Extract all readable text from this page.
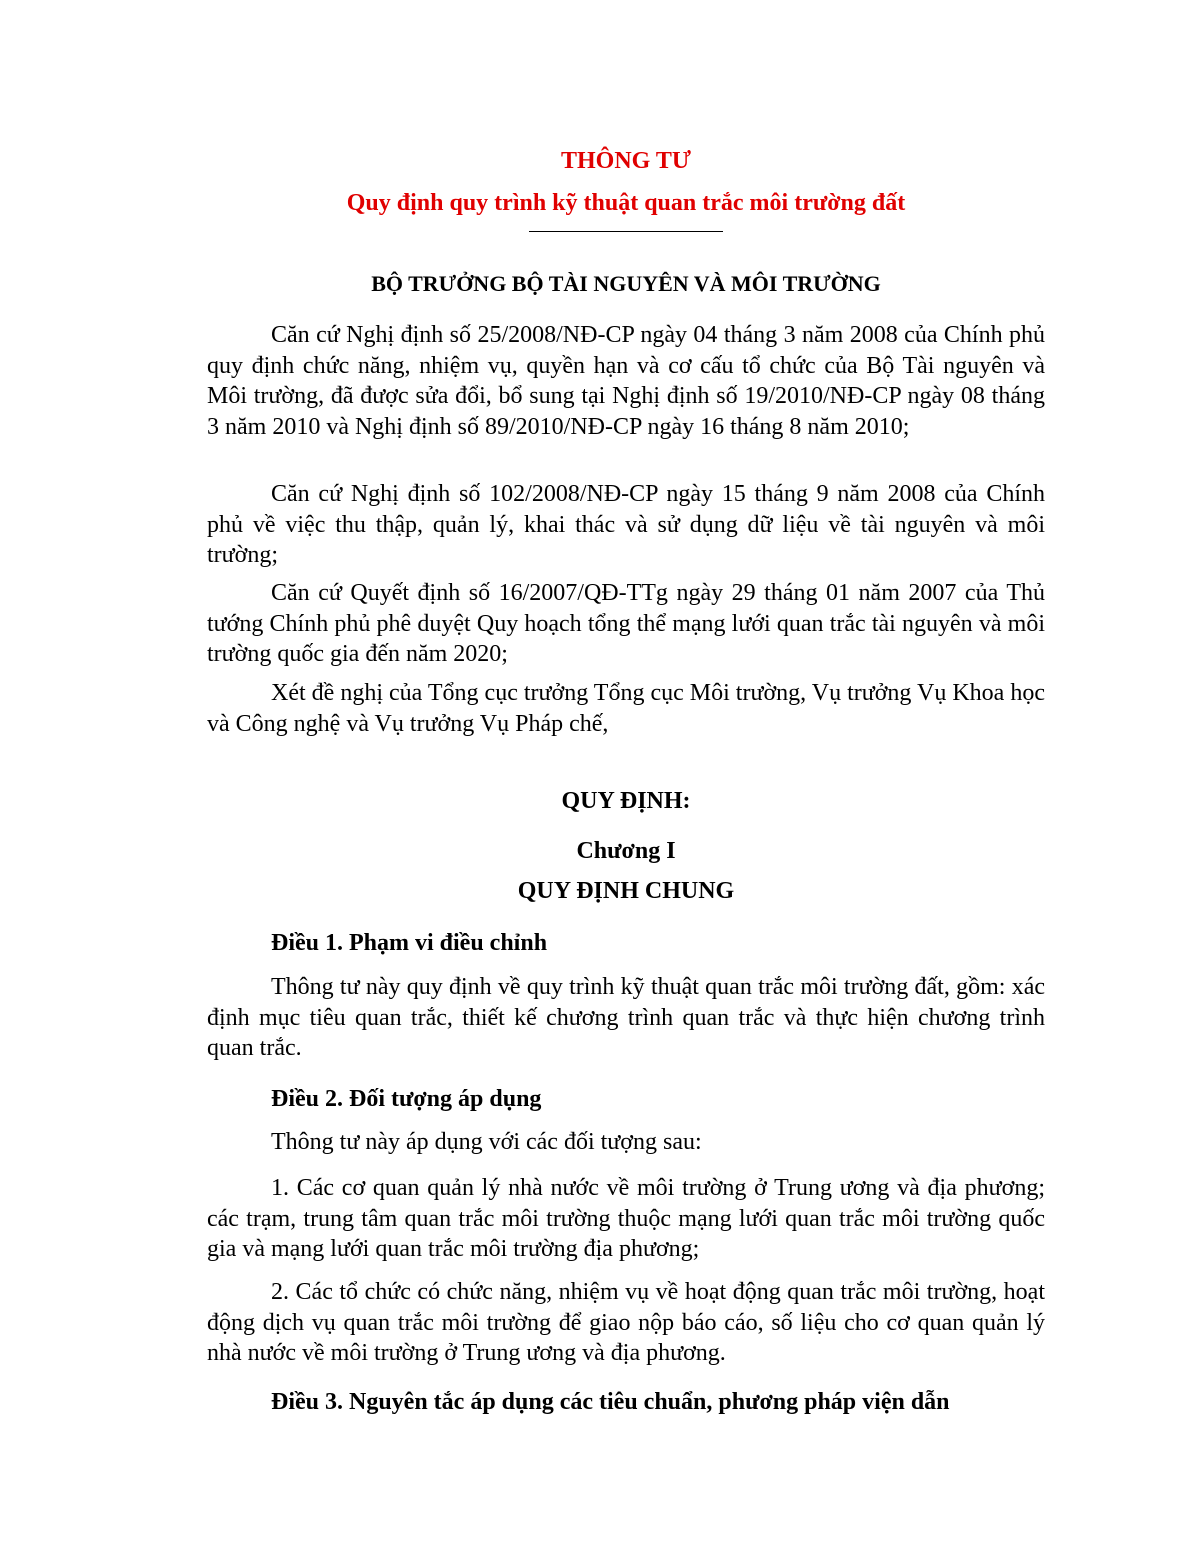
THÔNG TƯ
Quy định quy trình kỹ thuật quan trắc môi trường đất
BỘ TRƯỞNG BỘ TÀI NGUYÊN VÀ MÔI TRƯỜNG

Căn cứ Nghị định số 25/2008/NĐ-CP ngày 04 tháng 3 năm 2008 của Chính phủ quy định chức năng, nhiệm vụ, quyền hạn và cơ cấu tổ chức của Bộ Tài nguyên và Môi trường, đã được sửa đổi, bổ sung tại Nghị định số 19/2010/NĐ-CP ngày 08 tháng 3 năm 2010 và Nghị định số 89/2010/NĐ-CP ngày 16 tháng 8 năm 2010;

Căn cứ Nghị định số 102/2008/NĐ-CP ngày 15 tháng 9 năm 2008 của Chính phủ về việc thu thập, quản lý, khai thác và sử dụng dữ liệu về tài nguyên và môi trường;

Căn cứ Quyết định số 16/2007/QĐ-TTg ngày 29 tháng 01 năm 2007 của Thủ tướng Chính phủ phê duyệt Quy hoạch tổng thể mạng lưới quan trắc tài nguyên và môi trường quốc gia đến năm 2020;

Xét đề nghị của Tổng cục trưởng Tổng cục Môi trường, Vụ trưởng Vụ Khoa học và Công nghệ và Vụ trưởng Vụ Pháp chế,

QUY ĐỊNH:
Chương I
QUY ĐỊNH CHUNG
Điều 1. Phạm vi điều chỉnh

Thông tư này quy định về quy trình kỹ thuật quan trắc môi trường đất, gồm: xác định mục tiêu quan trắc, thiết kế chương trình quan trắc và thực hiện chương trình quan trắc.

Điều 2. Đối tượng áp dụng

Thông tư này áp dụng với các đối tượng sau:

1. Các cơ quan quản lý nhà nước về môi trường ở Trung ương và địa phương; các trạm, trung tâm quan trắc môi trường thuộc mạng lưới quan trắc môi trường quốc gia và mạng lưới quan trắc môi trường địa phương;

2. Các tổ chức có chức năng, nhiệm vụ về hoạt động quan trắc môi trường, hoạt động dịch vụ quan trắc môi trường để giao nộp báo cáo, số liệu cho cơ quan quản lý nhà nước về môi trường ở Trung ương và địa phương.

Điều 3. Nguyên tắc áp dụng các tiêu chuẩn, phương pháp viện dẫn
